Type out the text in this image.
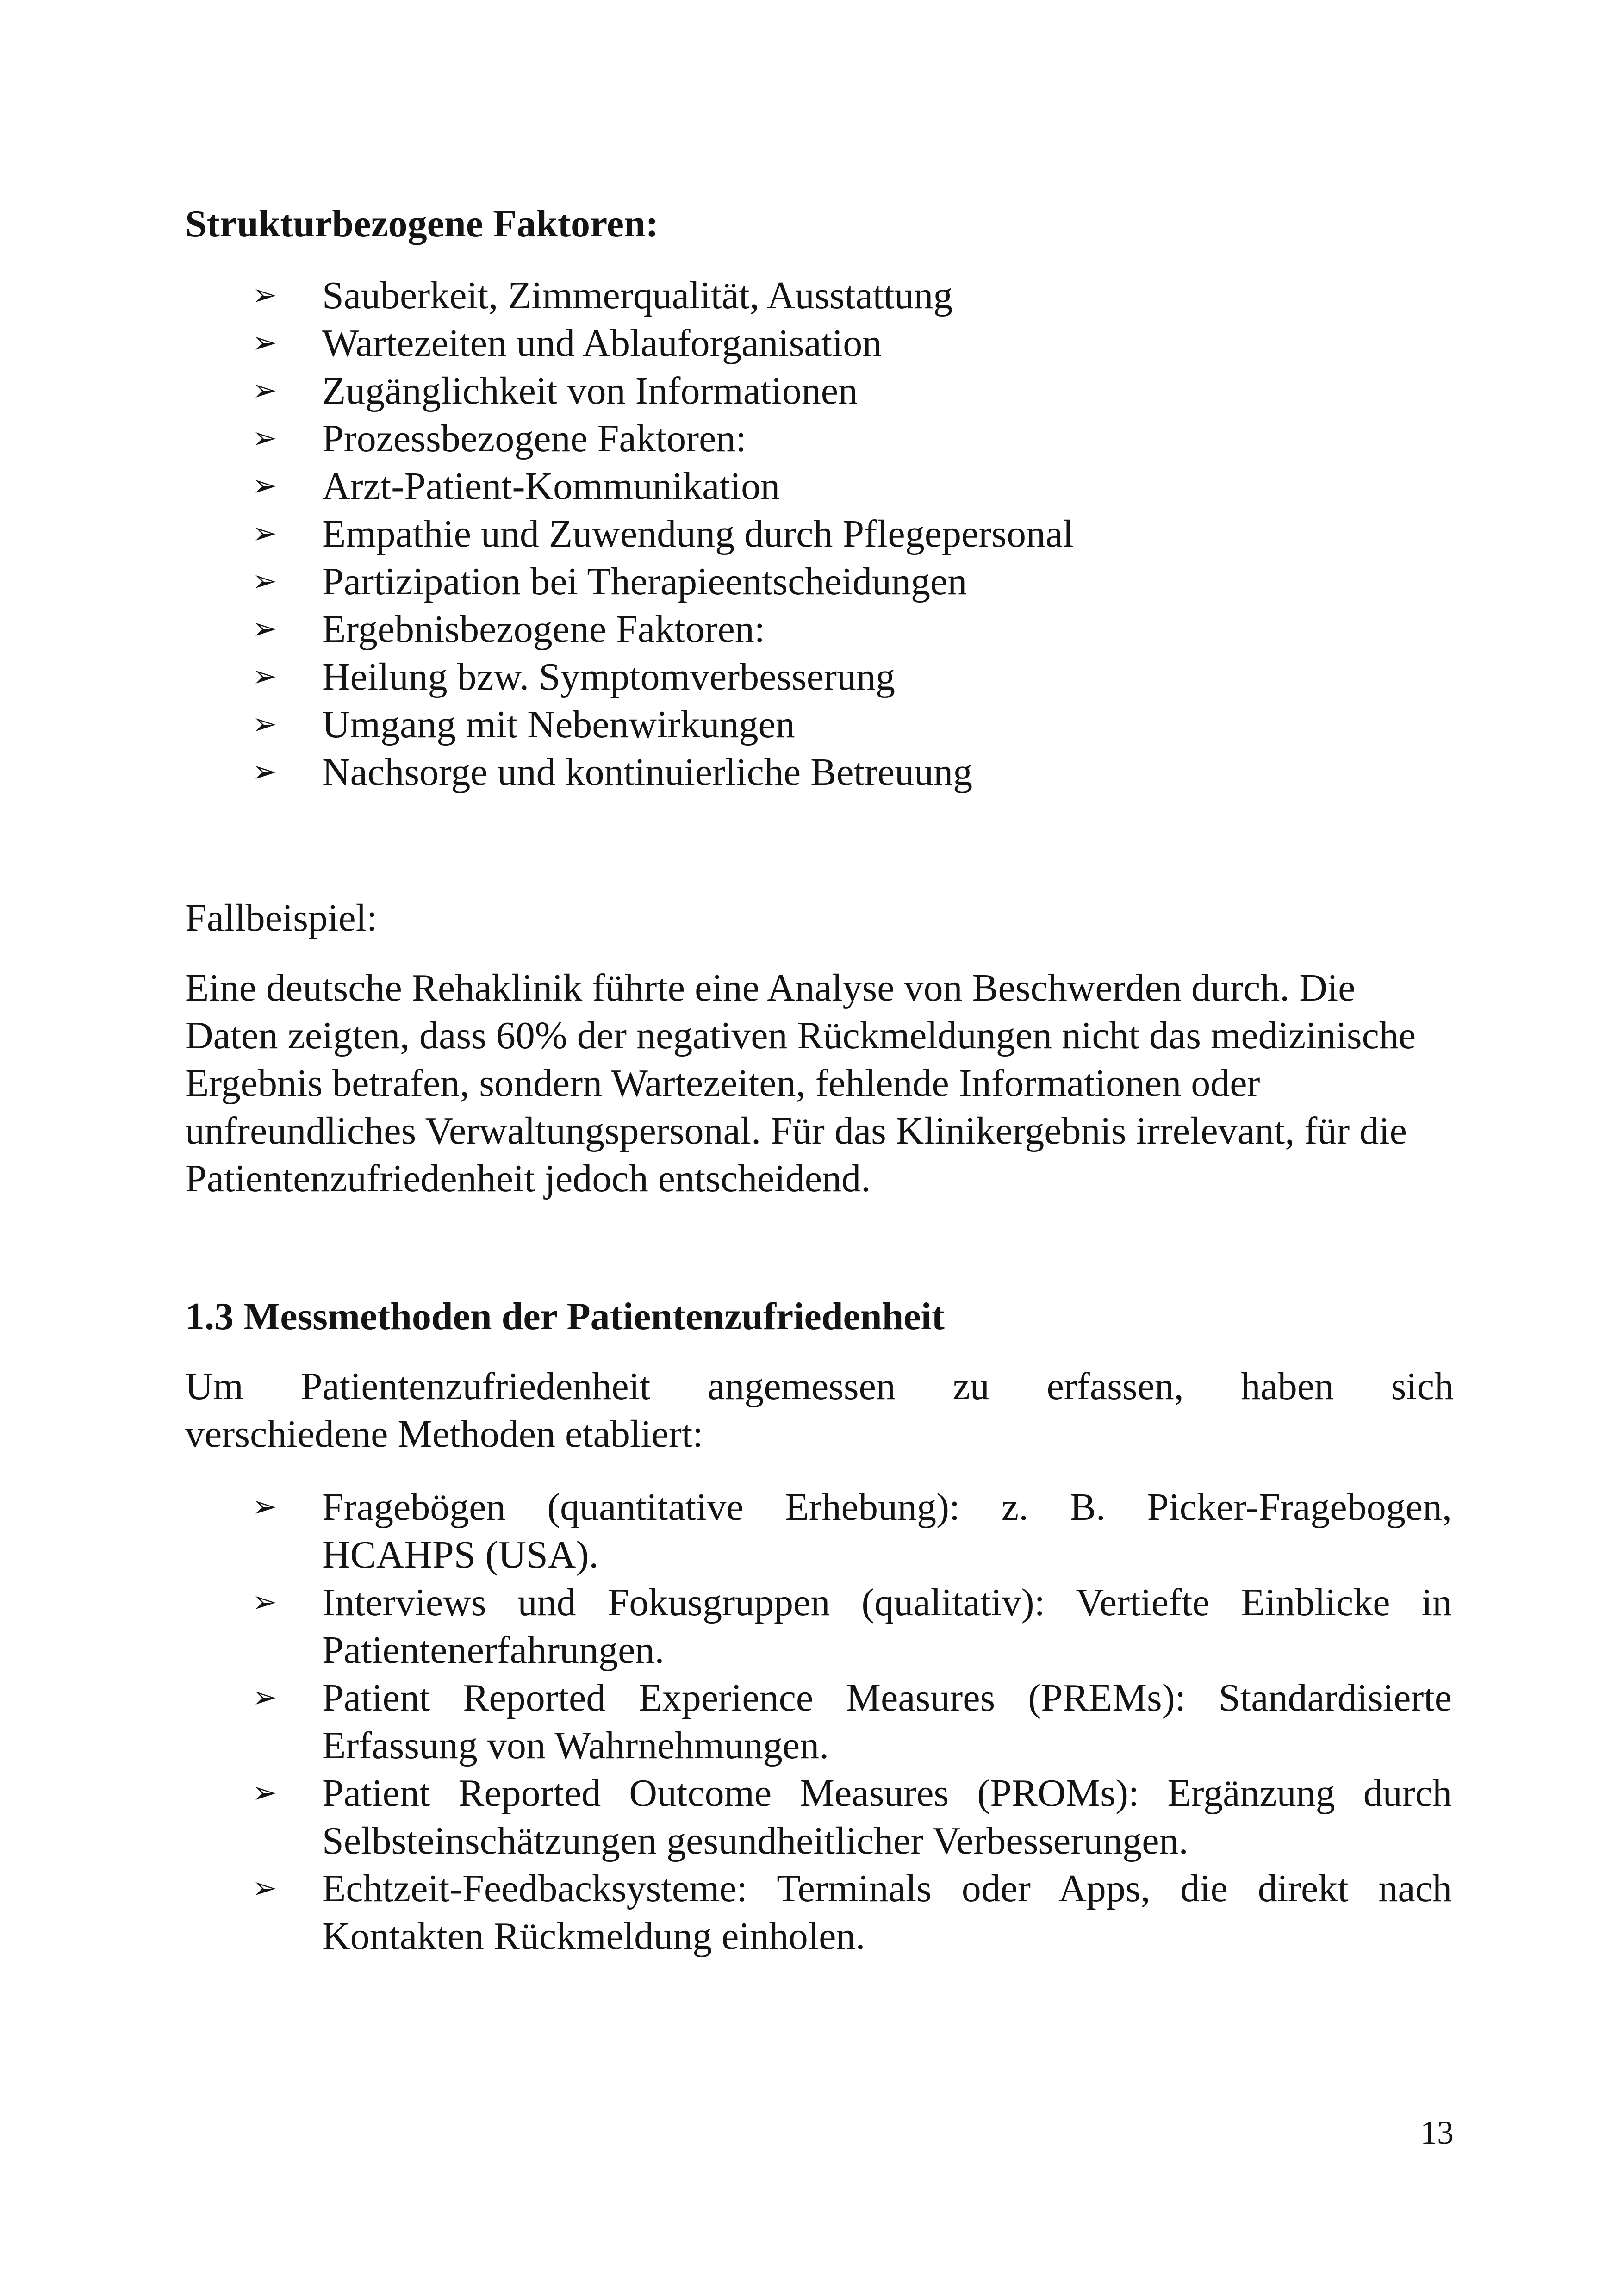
Strukturbezogene Faktoren:
➢ Sauberkeit, Zimmerqualität, Ausstattung
➢ Wartezeiten und Ablauforganisation
➢ Zugänglichkeit von Informationen
➢ Prozessbezogene Faktoren:
➢ Arzt-Patient-Kommunikation
➢ Empathie und Zuwendung durch Pflegepersonal
➢ Partizipation bei Therapieentscheidungen
➢ Ergebnisbezogene Faktoren:
➢ Heilung bzw. Symptomverbesserung
➢ Umgang mit Nebenwirkungen
➢ Nachsorge und kontinuierliche Betreuung

Fallbeispiel:

Eine deutsche Rehaklinik führte eine Analyse von Beschwerden durch. Die Daten zeigten, dass 60% der negativen Rückmeldungen nicht das medizinische Ergebnis betrafen, sondern Wartezeiten, fehlende Informationen oder unfreundliches Verwaltungspersonal. Für das Klinikergebnis irrelevant, für die Patientenzufriedenheit jedoch entscheidend.

1.3 Messmethoden der Patientenzufriedenheit

Um Patientenzufriedenheit angemessen zu erfassen, haben sich
verschiedene Methoden etabliert:

➢ Fragebögen (quantitative Erhebung): z. B. Picker-Fragebogen, HCAHPS (USA).
➢ Interviews und Fokusgruppen (qualitativ): Vertiefte Einblicke in Patientenerfahrungen.
➢ Patient Reported Experience Measures (PREMs): Standardisierte Erfassung von Wahrnehmungen.
➢ Patient Reported Outcome Measures (PROMs): Ergänzung durch Selbsteinschätzungen gesundheitlicher Verbesserungen.
➢ Echtzeit-Feedbacksysteme: Terminals oder Apps, die direkt nach Kontakten Rückmeldung einholen.
13
